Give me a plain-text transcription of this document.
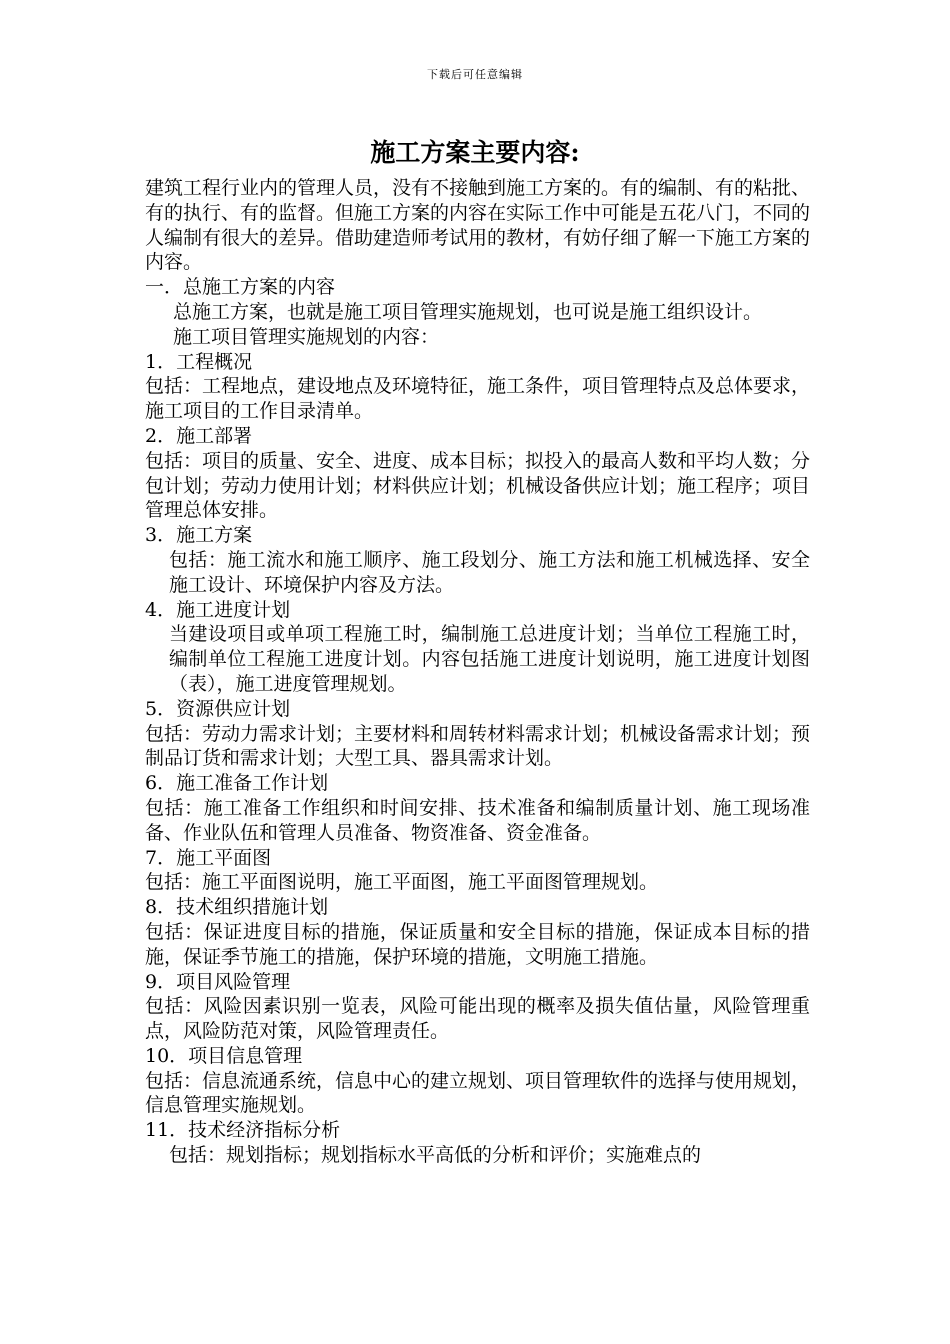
下载后可任意编辑
施工方案主要内容:

建筑工程行业内的管理人员，没有不接触到施工方案的。有的编制、有的粘批、有的执行、有的监督。但施工方案的内容在实际工作中可能是五花八门，不同的人编制有很大的差异。借助建造师考试用的教材，有妨仔细了解一下施工方案的内容。

一．总施工方案的内容

总施工方案，也就是施工项目管理实施规划，也可说是施工组织设计。

施工项目管理实施规划的内容：

1．工程概况

包括：工程地点，建设地点及环境特征，施工条件，项目管理特点及总体要求，施工项目的工作目录清单。

2．施工部署

包括：项目的质量、安全、进度、成本目标；拟投入的最高人数和平均人数；分包计划；劳动力使用计划；材料供应计划；机械设备供应计划；施工程序；项目管理总体安排。

3．施工方案

包括：施工流水和施工顺序、施工段划分、施工方法和施工机械选择、安全施工设计、环境保护内容及方法。

4．施工进度计划

当建设项目或单项工程施工时，编制施工总进度计划；当单位工程施工时，编制单位工程施工进度计划。内容包括施工进度计划说明，施工进度计划图（表），施工进度管理规划。

5．资源供应计划

包括：劳动力需求计划；主要材料和周转材料需求计划；机械设备需求计划；预制品订货和需求计划；大型工具、器具需求计划。

6．施工准备工作计划

包括：施工准备工作组织和时间安排、技术准备和编制质量计划、施工现场准备、作业队伍和管理人员准备、物资准备、资金准备。

7．施工平面图

包括：施工平面图说明，施工平面图，施工平面图管理规划。

8．技术组织措施计划

包括：保证进度目标的措施，保证质量和安全目标的措施，保证成本目标的措施，保证季节施工的措施，保护环境的措施，文明施工措施。

9．项目风险管理

包括：风险因素识别一览表，风险可能出现的概率及损失值估量，风险管理重点，风险防范对策，风险管理责任。

10．项目信息管理

包括：信息流通系统，信息中心的建立规划、项目管理软件的选择与使用规划，信息管理实施规划。

11．技术经济指标分析

包括：规划指标；规划指标水平高低的分析和评价；实施难点的
